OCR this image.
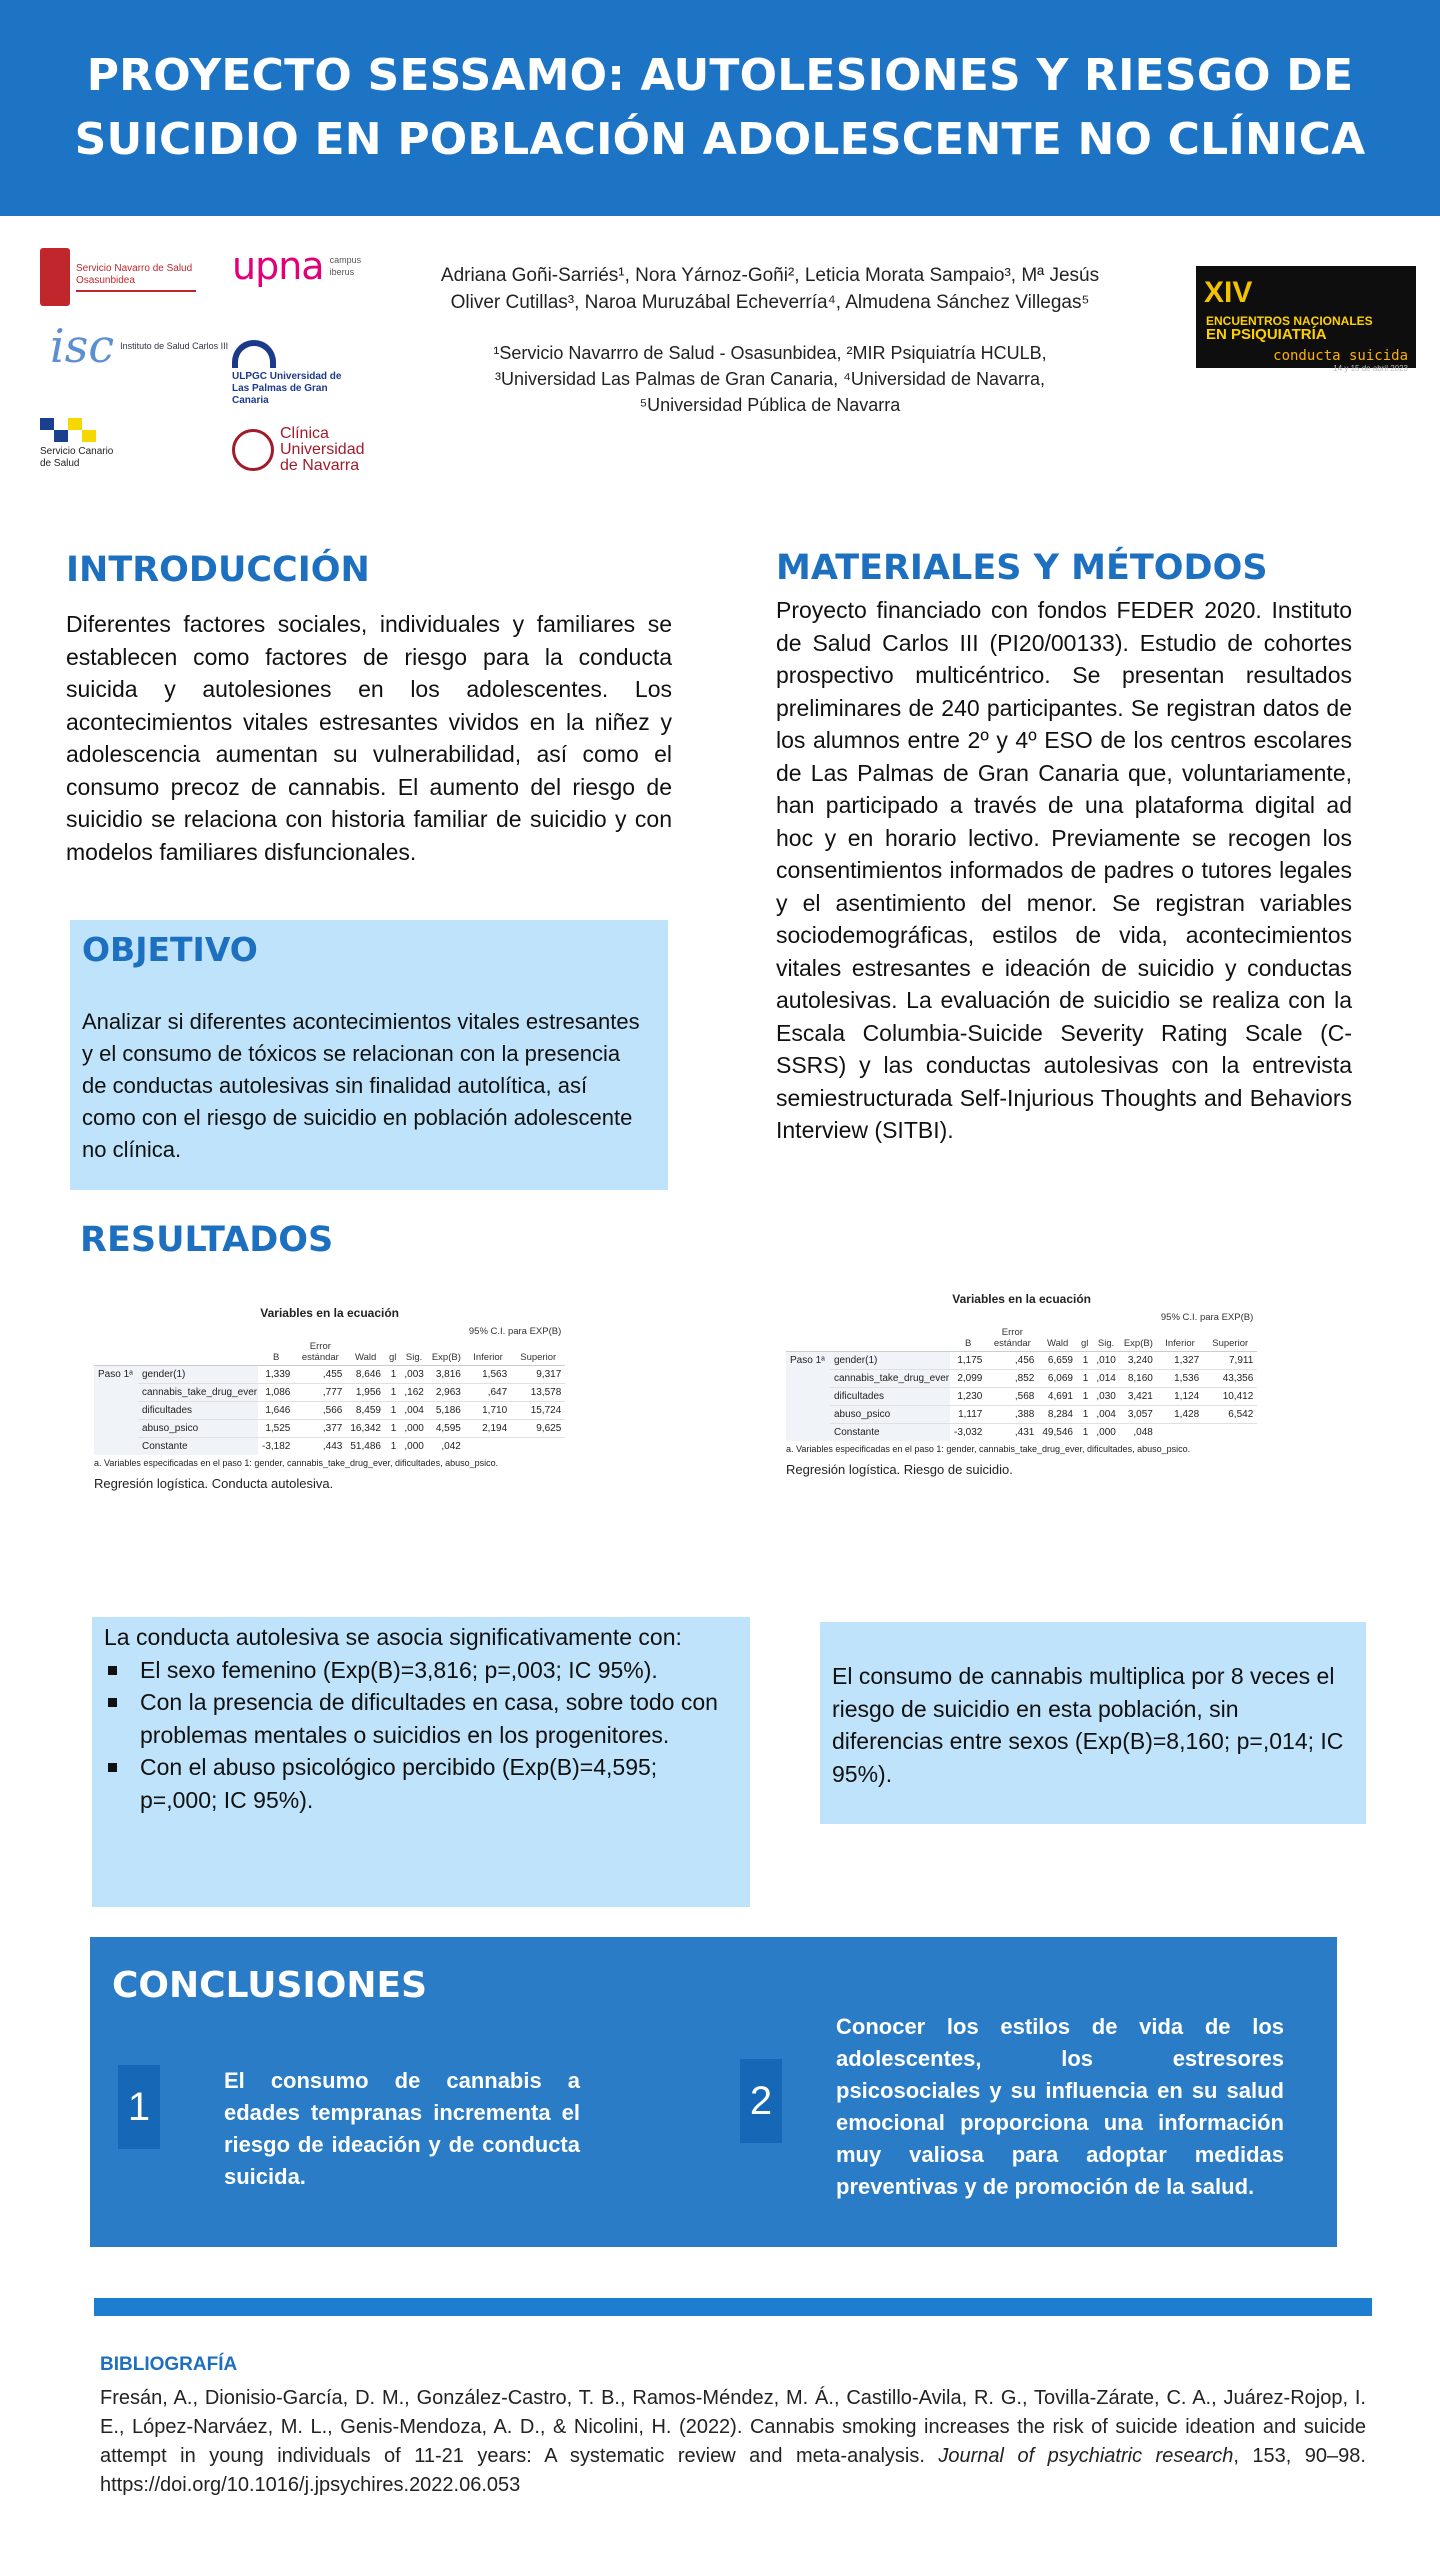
PROYECTO SESSAMO: AUTOLESIONES Y RIESGO DE
SUICIDIO EN POBLACIÓN ADOLESCENTE NO CLÍNICA
Servicio Navarro de Salud Osasunbidea	upna campus iberus
isc Instituto de Salud Carlos III
ULPGC Universidad de Las Palmas de Gran Canaria
Servicio Canario de Salud
Clínica
Universidad
de Navarra
Adriana Goñi-Sarriés¹, Nora Yárnoz-Goñi², Leticia Morata Sampaio³, Mª Jesús
Oliver Cutillas³, Naroa Muruzábal Echeverría⁴, Almudena Sánchez Villegas⁵
¹Servicio Navarrro de Salud - Osasunbidea, ²MIR Psiquiatría HCULB,
³Universidad Las Palmas de Gran Canaria, ⁴Universidad de Navarra,
⁵Universidad Pública de Navarra
XIV
ENCUENTROS NACIONALES
EN PSIQUIATRÍA
conducta suicida
14 y 15 de abril 2023
INTRODUCCIÓN
Diferentes factores sociales, individuales y familiares se establecen como factores de riesgo para la conducta suicida y autolesiones en los adolescentes. Los acontecimientos vitales estresantes vividos en la niñez y adolescencia aumentan su vulnerabilidad, así como el consumo precoz de cannabis. El aumento del riesgo de suicidio se relaciona con historia familiar de suicidio y con modelos familiares disfuncionales.
OBJETIVO
Analizar si diferentes acontecimientos vitales estresantes y el consumo de tóxicos se relacionan con la presencia de conductas autolesivas sin finalidad autolítica, así como con el riesgo de suicidio en población adolescente no clínica.
MATERIALES Y MÉTODOS
Proyecto financiado con fondos FEDER 2020. Instituto de Salud Carlos III (PI20/00133). Estudio de cohortes prospectivo multicéntrico. Se presentan resultados preliminares de 240 participantes. Se registran datos de los alumnos entre 2º y 4º ESO de los centros escolares de Las Palmas de Gran Canaria que, voluntariamente, han participado a través de una plataforma digital ad hoc y en horario lectivo. Previamente se recogen los consentimientos informados de padres o tutores legales y el asentimiento del menor. Se registran variables sociodemográficas, estilos de vida, acontecimientos vitales estresantes e ideación de suicidio y conductas autolesivas. La evaluación de suicidio se realiza con la Escala Columbia-Suicide Severity Rating Scale (C-SSRS) y las conductas autolesivas con la entrevista semiestructurada Self-Injurious Thoughts and Behaviors Interview (SITBI).
RESULTADOS
Variables en la ecuación
								95% C.I. para EXP(B)	
		B	Error estándar	Wald	gl	Sig.	Exp(B)	Inferior	Superior
Paso 1ᵃ	gender(1)	1,339	,455	8,646	1	,003	3,816	1,563	9,317
	cannabis_take_drug_ever	1,086	,777	1,956	1	,162	2,963	,647	13,578
	dificultades	1,646	,566	8,459	1	,004	5,186	1,710	15,724
	abuso_psico	1,525	,377	16,342	1	,000	4,595	2,194	9,625
	Constante	-3,182	,443	51,486	1	,000	,042		
a. Variables especificadas en el paso 1: gender, cannabis_take_drug_ever, dificultades, abuso_psico.
Regresión logística. Conducta autolesiva.
Variables en la ecuación
								95% C.I. para EXP(B)	
		B	Error estándar	Wald	gl	Sig.	Exp(B)	Inferior	Superior
Paso 1ᵃ	gender(1)	1,175	,456	6,659	1	,010	3,240	1,327	7,911
	cannabis_take_drug_ever	2,099	,852	6,069	1	,014	8,160	1,536	43,356
	dificultades	1,230	,568	4,691	1	,030	3,421	1,124	10,412
	abuso_psico	1,117	,388	8,284	1	,004	3,057	1,428	6,542
	Constante	-3,032	,431	49,546	1	,000	,048		
a. Variables especificadas en el paso 1: gender, cannabis_take_drug_ever, dificultades, abuso_psico.
Regresión logística. Riesgo de suicidio.
La conducta autolesiva se asocia significativamente con:
El sexo femenino (Exp(B)=3,816; p=,003; IC 95%).
Con la presencia de dificultades en casa, sobre todo con problemas mentales o suicidios en los progenitores.
Con el abuso psicológico percibido (Exp(B)=4,595; p=,000; IC 95%).
El consumo de cannabis multiplica por 8 veces el riesgo de suicidio en esta población, sin diferencias entre sexos (Exp(B)=8,160; p=,014; IC 95%).
CONCLUSIONES
1
El consumo de cannabis a edades tempranas incrementa el riesgo de ideación y de conducta suicida.
2
Conocer los estilos de vida de los adolescentes, los estresores psicosociales y su influencia en su salud emocional proporciona una información muy valiosa para adoptar medidas preventivas y de promoción de la salud.
BIBLIOGRAFÍA
Fresán, A., Dionisio-García, D. M., González-Castro, T. B., Ramos-Méndez, M. Á., Castillo-Avila, R. G., Tovilla-Zárate, C. A., Juárez-Rojop, I. E., López-Narváez, M. L., Genis-Mendoza, A. D., & Nicolini, H. (2022). Cannabis smoking increases the risk of suicide ideation and suicide attempt in young individuals of 11-21 years: A systematic review and meta-analysis. Journal of psychiatric research, 153, 90–98. https://doi.org/10.1016/j.jpsychires.2022.06.053
